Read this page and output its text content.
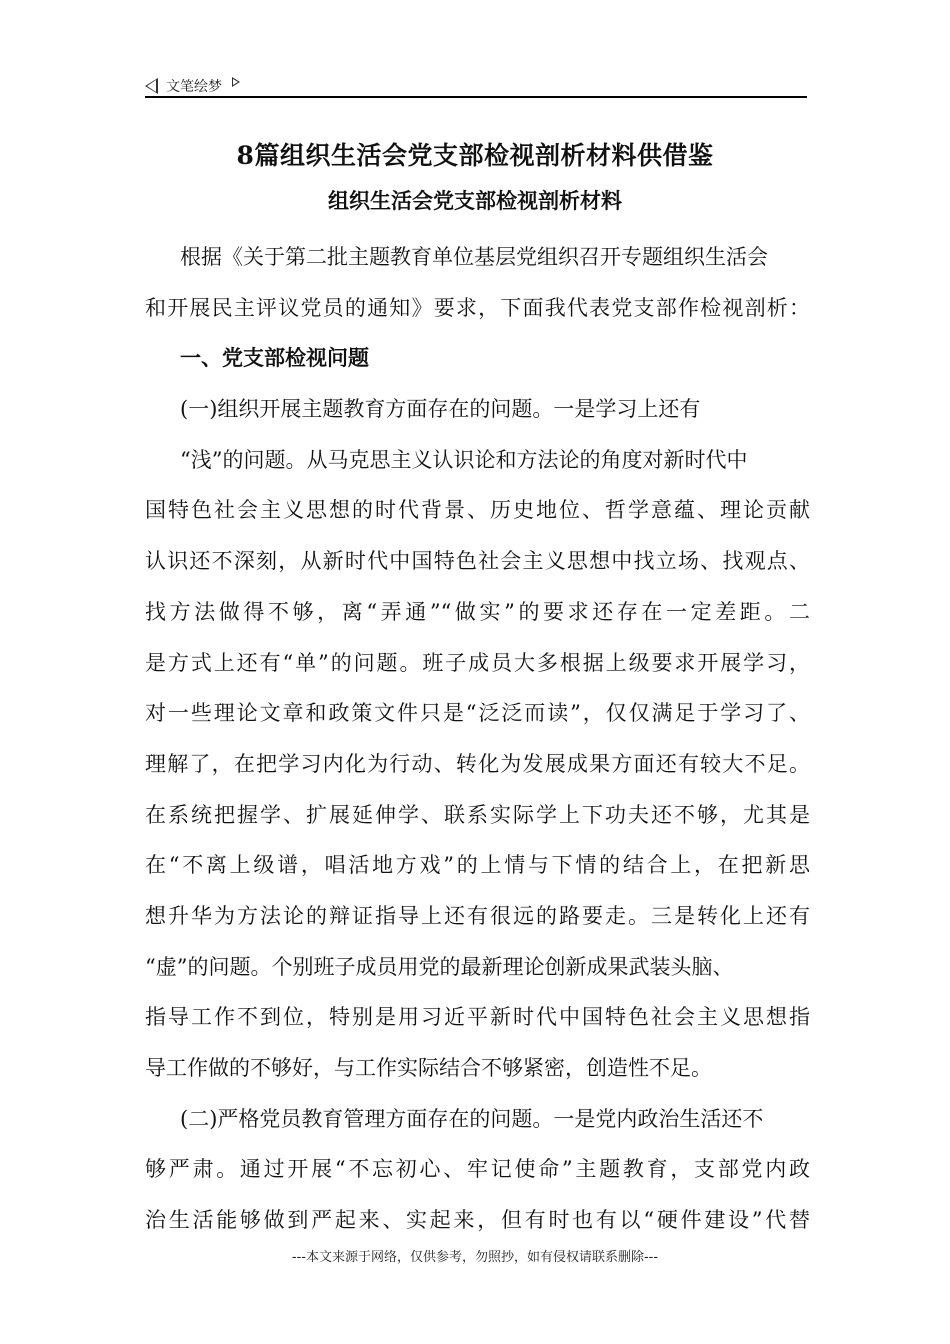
文笔绘梦
8篇组织生活会党支部检视剖析材料供借鉴
组织生活会党支部检视剖析材料
根据《关于第二批主题教育单位基层党组织召开专题组织生活会
和开展民主评议党员的通知》要求，下面我代表党支部作检视剖析：
一、党支部检视问题
(一)组织开展主题教育方面存在的问题。一是学习上还有
“浅”的问题。从马克思主义认识论和方法论的角度对新时代中
国特色社会主义思想的时代背景、历史地位、哲学意蕴、理论贡献
认识还不深刻，从新时代中国特色社会主义思想中找立场、找观点、
找方法做得不够，离“弄通”“做实”的要求还存在一定差距。二
是方式上还有“单”的问题。班子成员大多根据上级要求开展学习，
对一些理论文章和政策文件只是“泛泛而读”，仅仅满足于学习了、
理解了，在把学习内化为行动、转化为发展成果方面还有较大不足。
在系统把握学、扩展延伸学、联系实际学上下功夫还不够，尤其是
在“不离上级谱，唱活地方戏”的上情与下情的结合上，在把新思
想升华为方法论的辩证指导上还有很远的路要走。三是转化上还有
“虚”的问题。个别班子成员用党的最新理论创新成果武装头脑、
指导工作不到位，特别是用习近平新时代中国特色社会主义思想指
导工作做的不够好，与工作实际结合不够紧密，创造性不足。
(二)严格党员教育管理方面存在的问题。一是党内政治生活还不
够严肃。通过开展“不忘初心、牢记使命”主题教育，支部党内政
治生活能够做到严起来、实起来，但有时也有以“硬件建设”代替
---本文来源于网络，仅供参考，勿照抄，如有侵权请联系删除---
